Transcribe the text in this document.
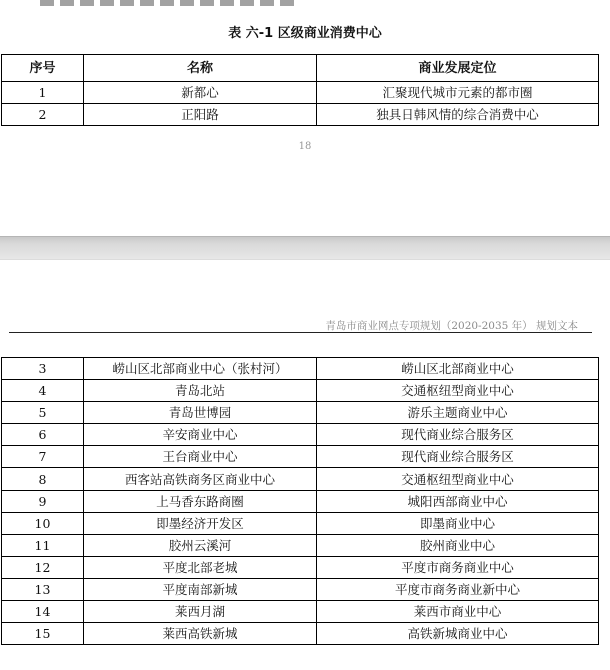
表 六-1 区级商业消费中心
序号	名称	商业发展定位
1	新都心	汇聚现代城市元素的都市圈
2	正阳路	独具日韩风情的综合消费中心
18
青岛市商业网点专项规划（2020-2035 年） 规划文本
3	崂山区北部商业中心（张村河）	崂山区北部商业中心
4	青岛北站	交通枢纽型商业中心
5	青岛世博园	游乐主题商业中心
6	辛安商业中心	现代商业综合服务区
7	王台商业中心	现代商业综合服务区
8	西客站高铁商务区商业中心	交通枢纽型商业中心
9	上马香东路商圈	城阳西部商业中心
10	即墨经济开发区	即墨商业中心
11	胶州云溪河	胶州商业中心
12	平度北部老城	平度市商务商业中心
13	平度南部新城	平度市商务商业新中心
14	莱西月湖	莱西市商业中心
15	莱西高铁新城	高铁新城商业中心
